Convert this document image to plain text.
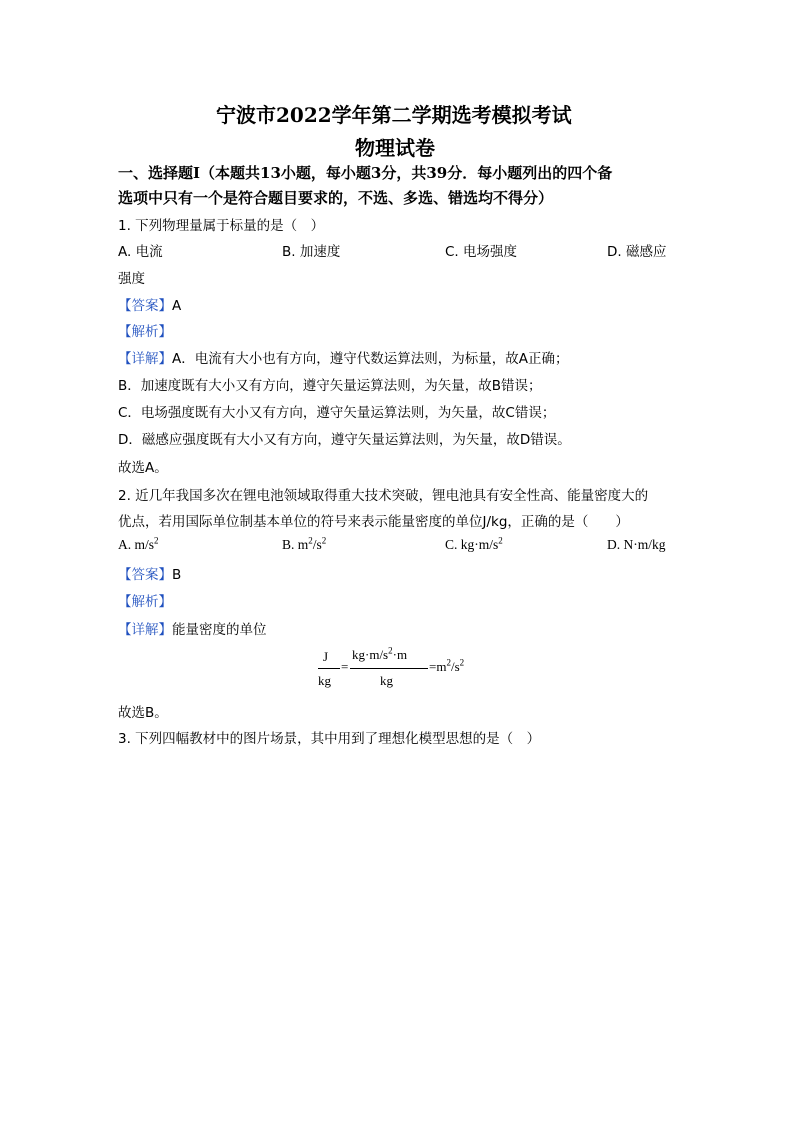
宁波市2022学年第二学期选考模拟考试
物理试卷
一、选择题Ⅰ（本题共13小题，每小题3分，共39分．每小题列出的四个备
选项中只有一个是符合题目要求的，不选、多选、错选均不得分）
1. 下列物理量属于标量的是（　）
A. 电流	B. 加速度	C. 电场强度	D. 磁感应
强度
【答案】A
【解析】
【详解】A．电流有大小也有方向，遵守代数运算法则，为标量，故A正确；
B．加速度既有大小又有方向，遵守矢量运算法则，为矢量，故B错误；
C．电场强度既有大小又有方向，遵守矢量运算法则，为矢量，故C错误；
D．磁感应强度既有大小又有方向，遵守矢量运算法则，为矢量，故D错误。
故选A。
2. 近几年我国多次在锂电池领域取得重大技术突破，锂电池具有安全性高、能量密度大的
优点，若用国际单位制基本单位的符号来表示能量密度的单位J/kg，正确的是（　　）
A. $m/s^2$	B. $m^2/s^2$	C. $kg\cdot m/s^2$	D. N·m/kg
【答案】B
【解析】
【详解】能量密度的单位
J
kg
=
$kg\cdot m/s^2\cdot m$
kg
$=m^2/s^2$
故选B。
3. 下列四幅教材中的图片场景，其中用到了理想化模型思想的是（　）
